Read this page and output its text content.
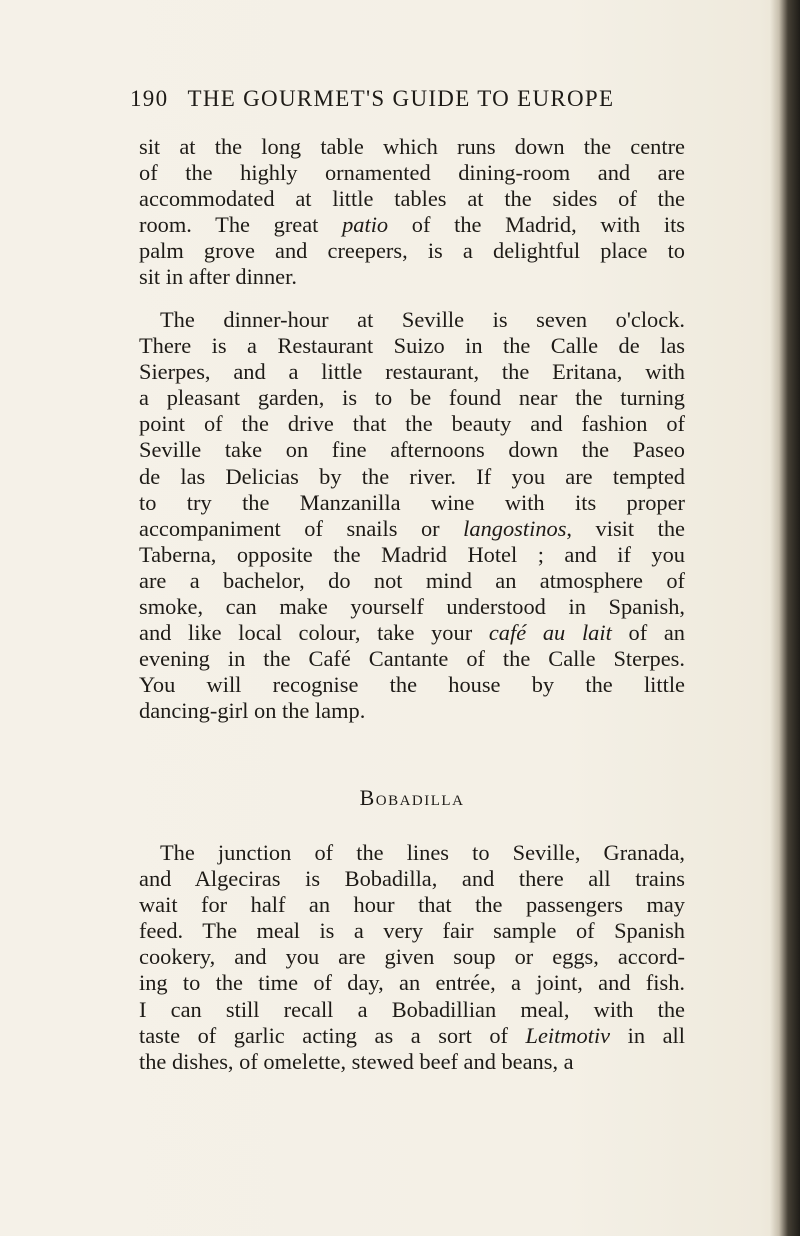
190 THE GOURMET'S GUIDE TO EUROPE
sit at the long table which runs down the centre
of the highly ornamented dining-room and are
accommodated at little tables at the sides of the
room. The great patio of the Madrid, with its
palm grove and creepers, is a delightful place to
sit in after dinner.
The dinner-hour at Seville is seven o'clock.
There is a Restaurant Suizo in the Calle de las
Sierpes, and a little restaurant, the Eritana, with
a pleasant garden, is to be found near the turning
point of the drive that the beauty and fashion of
Seville take on fine afternoons down the Paseo
de las Delicias by the river. If you are tempted
to try the Manzanilla wine with its proper
accompaniment of snails or langostinos, visit the
Taberna, opposite the Madrid Hotel ; and if you
are a bachelor, do not mind an atmosphere of
smoke, can make yourself understood in Spanish,
and like local colour, take your café au lait of an
evening in the Café Cantante of the Calle Sterpes.
You will recognise the house by the little
dancing-girl on the lamp.
Bobadilla
The junction of the lines to Seville, Granada,
and Algeciras is Bobadilla, and there all trains
wait for half an hour that the passengers may
feed. The meal is a very fair sample of Spanish
cookery, and you are given soup or eggs, accord-
ing to the time of day, an entrée, a joint, and fish.
I can still recall a Bobadillian meal, with the
taste of garlic acting as a sort of Leitmotiv in all
the dishes, of omelette, stewed beef and beans, a
